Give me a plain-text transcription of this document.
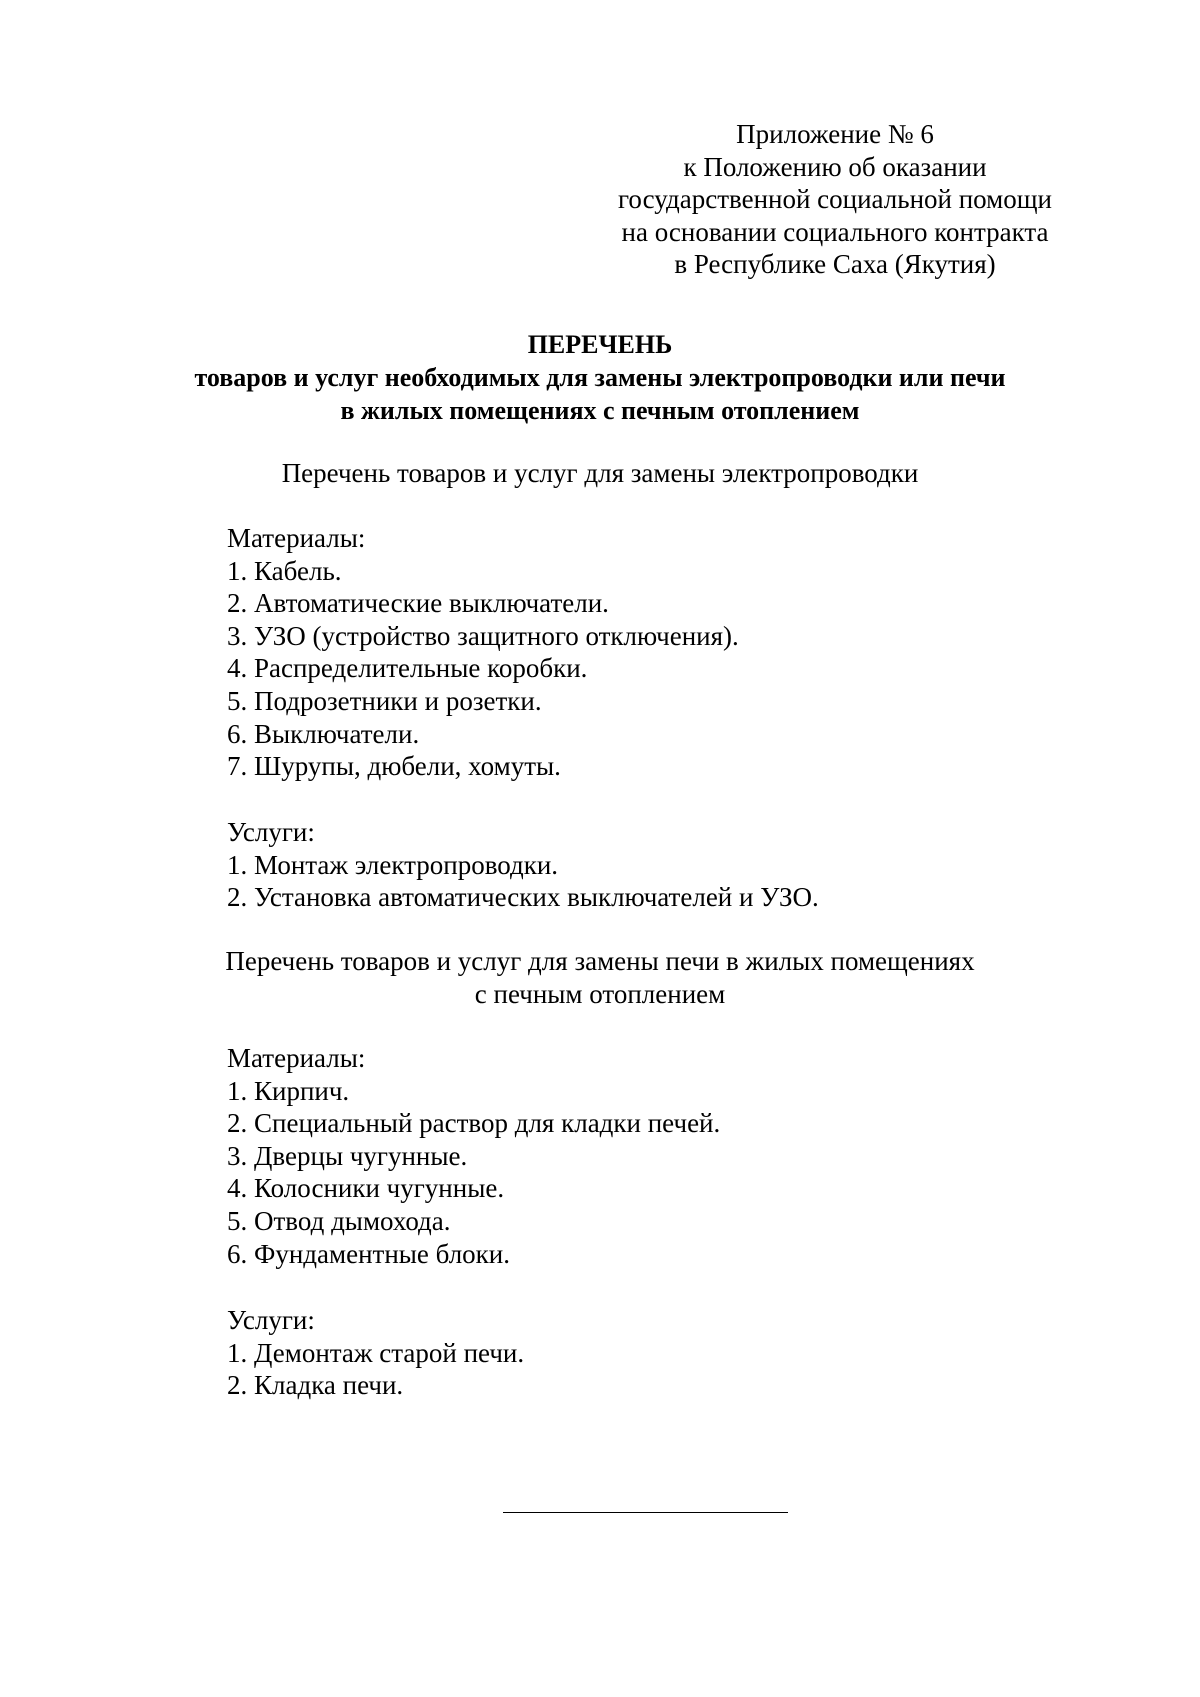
Приложение № 6
к Положению об оказании
государственной социальной помощи
на основании социального контракта
в Республике Саха (Якутия)
ПЕРЕЧЕНЬ
товаров и услуг необходимых для замены электропроводки или печи
в жилых помещениях с печным отоплением
Перечень товаров и услуг для замены электропроводки
Материалы:
1. Кабель.
2. Автоматические выключатели.
3. УЗО (устройство защитного отключения).
4. Распределительные коробки.
5. Подрозетники и розетки.
6. Выключатели.
7. Шурупы, дюбели, хомуты.
Услуги:
1. Монтаж электропроводки.
2. Установка автоматических выключателей и УЗО.
Перечень товаров и услуг для замены печи в жилых помещениях
с печным отоплением
Материалы:
1. Кирпич.
2. Специальный раствор для кладки печей.
3. Дверцы чугунные.
4. Колосники чугунные.
5. Отвод дымохода.
6. Фундаментные блоки.
Услуги:
1. Демонтаж старой печи.
2. Кладка печи.
